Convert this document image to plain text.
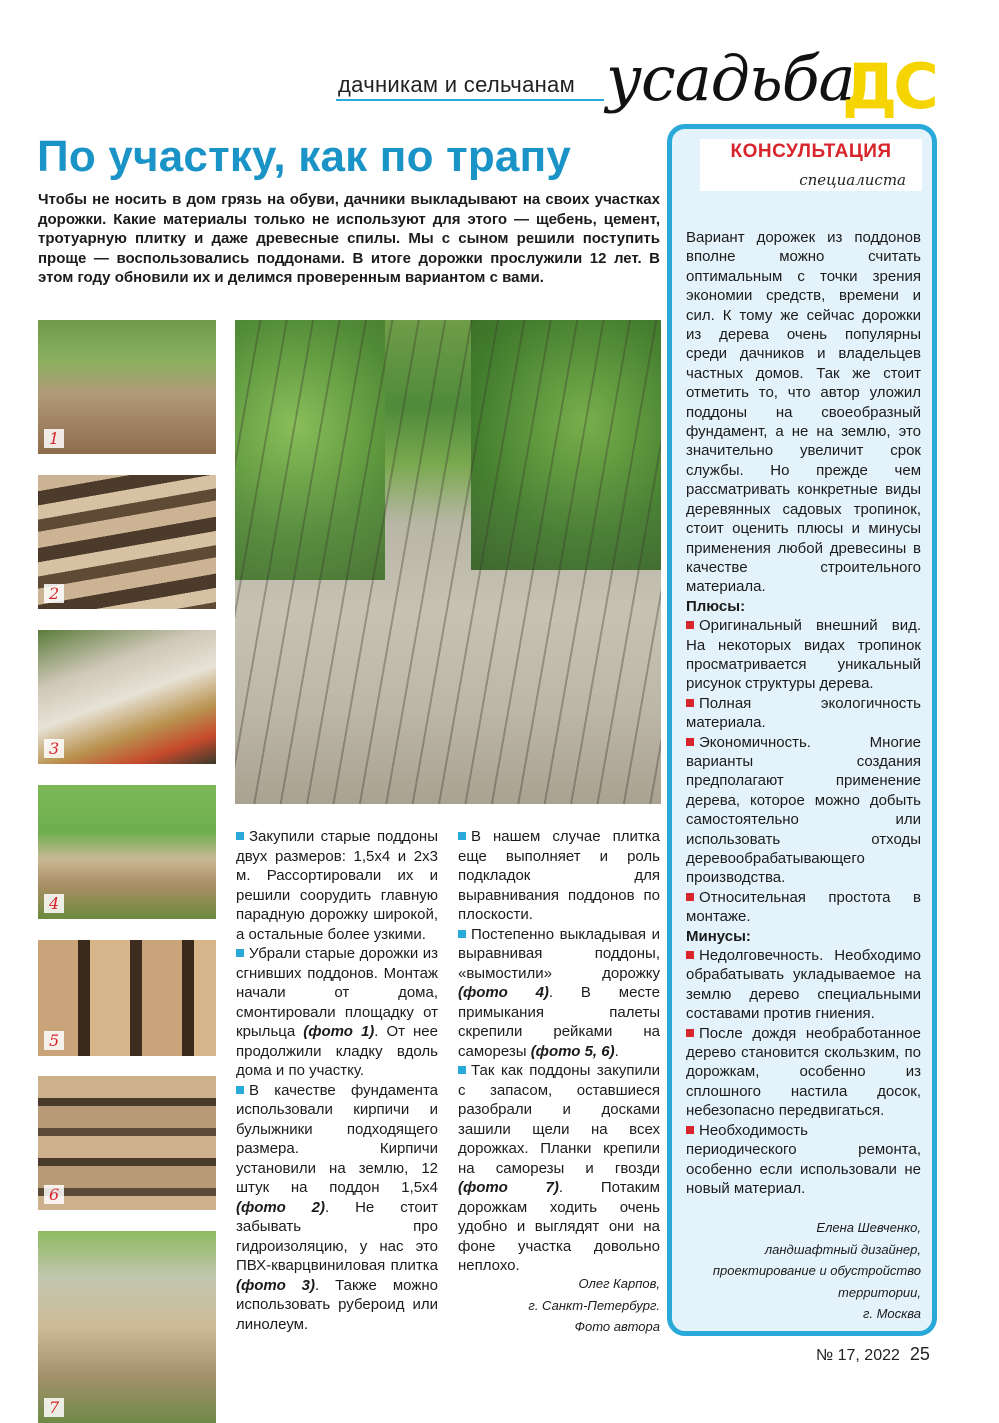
дачникам и сельчанам усадьба
ДС
По участку, как по трапу

Чтобы не носить в дом грязь на обуви, дачники выкладывают на своих участках дорожки. Какие материалы только не используют для этого — щебень, цемент, тротуарную плитку и даже древесные спилы. Мы с сыном решили поступить проще — воспользовались поддонами. В итоге дорожки прослужили 12 лет. В этом году обновили их и делимся проверенным вариантом с вами.

1
2
3
4
5
6
7

Закупили старые поддоны двух размеров: 1,5х4 и 2х3 м. Рассортировали их и решили соорудить главную парадную дорожку широкой, а остальные более узкими.

Убрали старые дорожки из сгнивших поддонов. Монтаж начали от дома, смонтировали площадку от крыльца (фото 1). От нее продолжили кладку вдоль дома и по участку.

В качестве фундамента использовали кирпичи и булыжники подходящего размера. Кирпичи установили на землю, 12 штук на поддон 1,5х4 (фото 2). Не стоит забывать про гидроизоляцию, у нас это ПВХ-кварцвиниловая плитка (фото 3). Также можно использовать рубероид или линолеум.

В нашем случае плитка еще выполняет и роль подкладок для выравнивания поддонов по плоскости.

Постепенно выкладывая и выравнивая поддоны, «вымостили» дорожку (фото 4). В месте примыкания палеты скрепили рейками на саморезы (фото 5, 6).

Так как поддоны закупили с запасом, оставшиеся разобрали и досками зашили щели на всех дорожках. Планки крепили на саморезы и гвозди (фото 7). Потаким дорожкам ходить очень удобно и выглядят они на фоне участка довольно неплохо.

Олег Карпов,
г. Санкт-Петербург.
Фото автора
КОНСУЛЬТАЦИЯ
специалиста

Вариант дорожек из поддонов вполне можно считать оптимальным с точки зрения экономии средств, времени и сил. К тому же сейчас дорожки из дерева очень популярны среди дачников и владельцев частных домов. Так же стоит отметить то, что автор уложил поддоны на своеобразный фундамент, а не на землю, это значительно увеличит срок службы. Но прежде чем рассматривать конкретные виды деревянных садовых тропинок, стоит оценить плюсы и минусы применения любой древесины в качестве строительного материала.

Плюсы:

Оригинальный внешний вид. На некоторых видах тропинок просматривается уникальный рисунок структуры дерева.

Полная экологичность материала.

Экономичность. Многие варианты создания предполагают применение дерева, которое можно добыть самостоятельно или использовать отходы деревообрабатывающего производства.

Относительная простота в монтаже.

Минусы:

Недолговечность. Необходимо обрабатывать укладываемое на землю дерево специальными составами против гниения.

После дождя необработанное дерево становится скользким, по дорожкам, особенно из сплошного настила досок, небезопасно передвигаться.

Необходимость периодического ремонта, особенно если использовали не новый материал.

Елена Шевченко,
ландшафтный дизайнер,
проектирование и обустройство
территории,
г. Москва
№ 17, 2022 25
